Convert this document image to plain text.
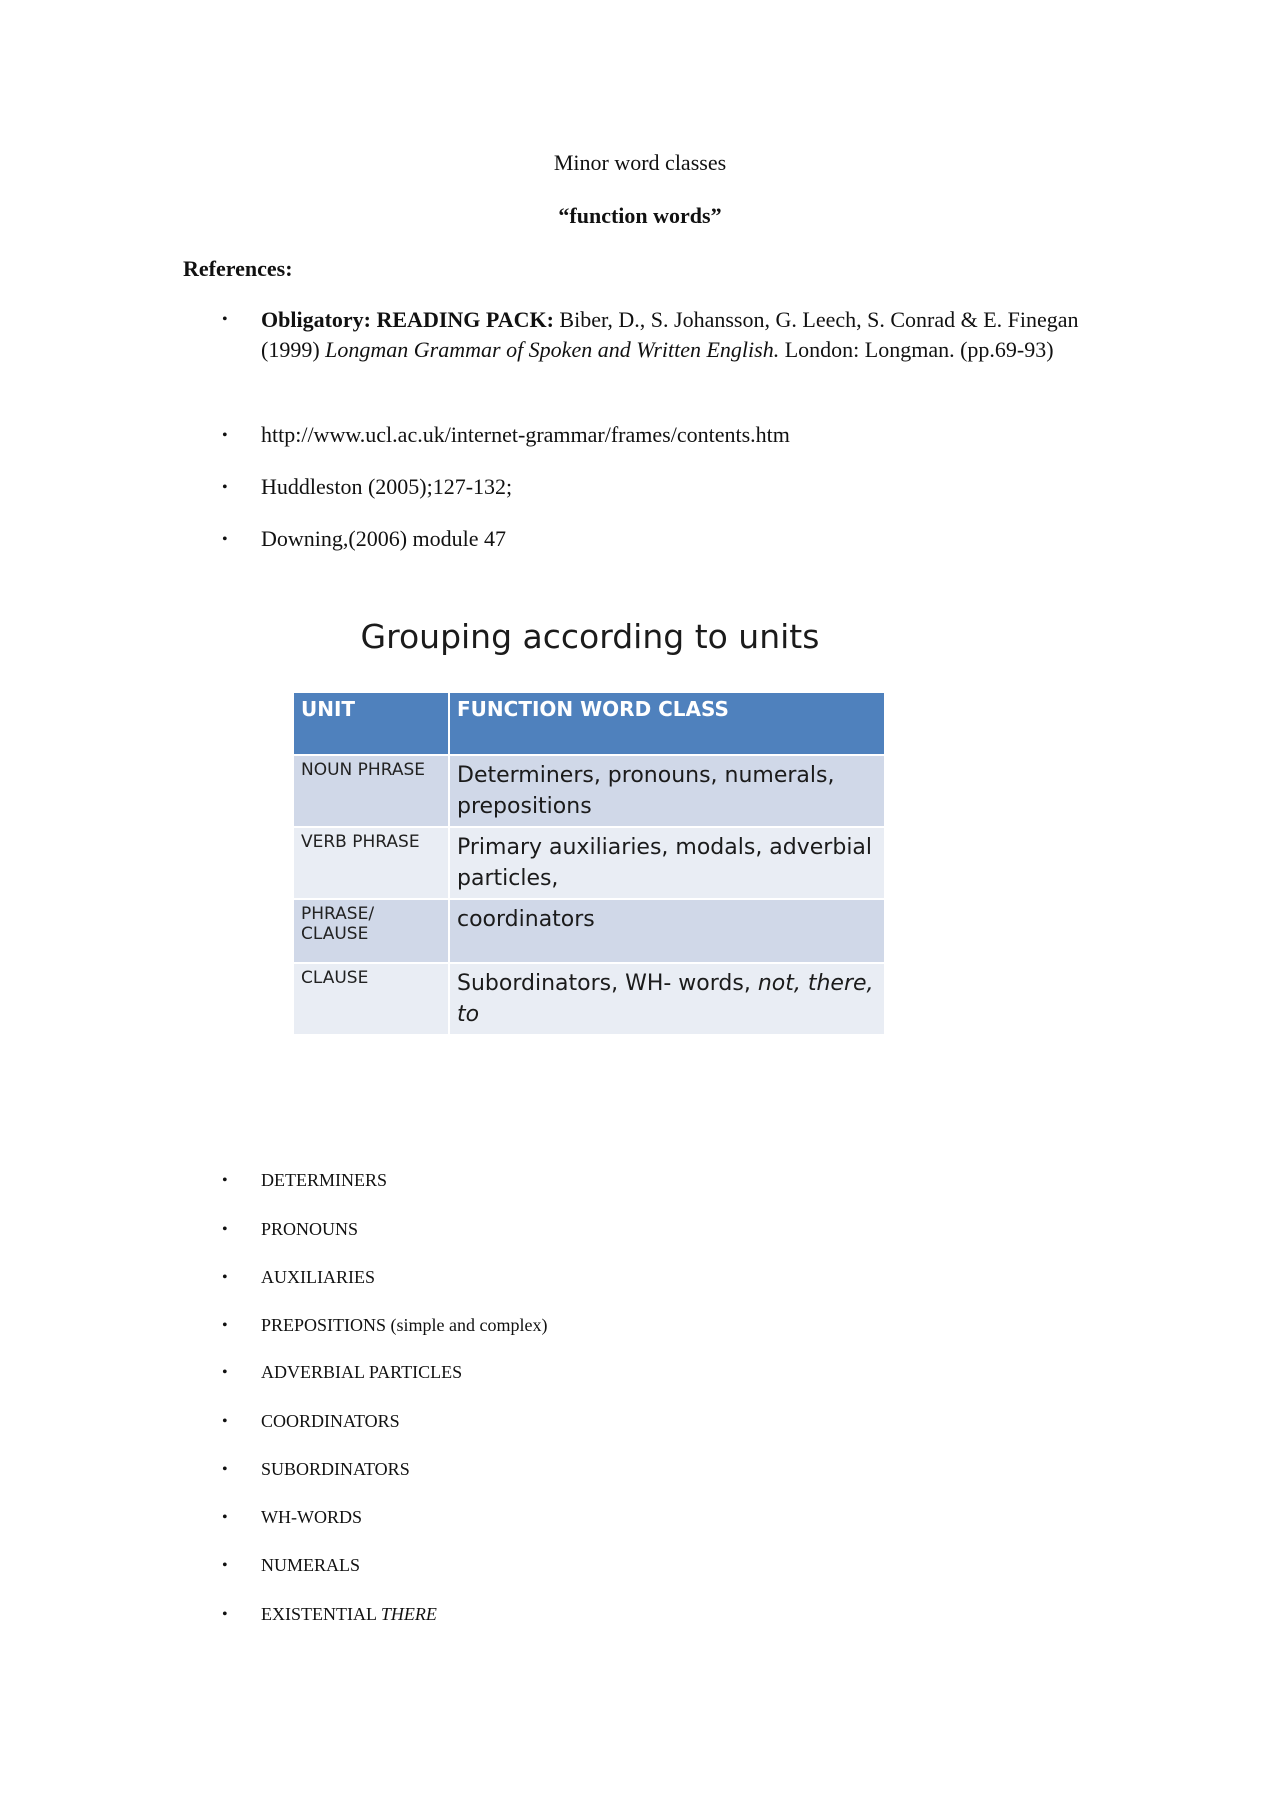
Minor word classes
“function words”
References:
• Obligatory: READING PACK: Biber, D., S. Johansson, G. Leech, S. Conrad & E. Finegan (1999) Longman Grammar of Spoken and Written English. London: Longman. (pp.69-93)
• http://www.ucl.ac.uk/internet-grammar/frames/contents.htm
• Huddleston (2005);127-132;
• Downing,(2006) module 47
Grouping according to units
UNIT	FUNCTION WORD CLASS
NOUN PHRASE	Determiners, pronouns, numerals, prepositions
VERB PHRASE	Primary auxiliaries, modals, adverbial particles,
PHRASE/ CLAUSE	coordinators
CLAUSE	Subordinators, WH- words, not, there, to
• DETERMINERS
• PRONOUNS
• AUXILIARIES
• PREPOSITIONS (simple and complex)
• ADVERBIAL PARTICLES
• COORDINATORS
• SUBORDINATORS
• WH-WORDS
• NUMERALS
• EXISTENTIAL THERE
